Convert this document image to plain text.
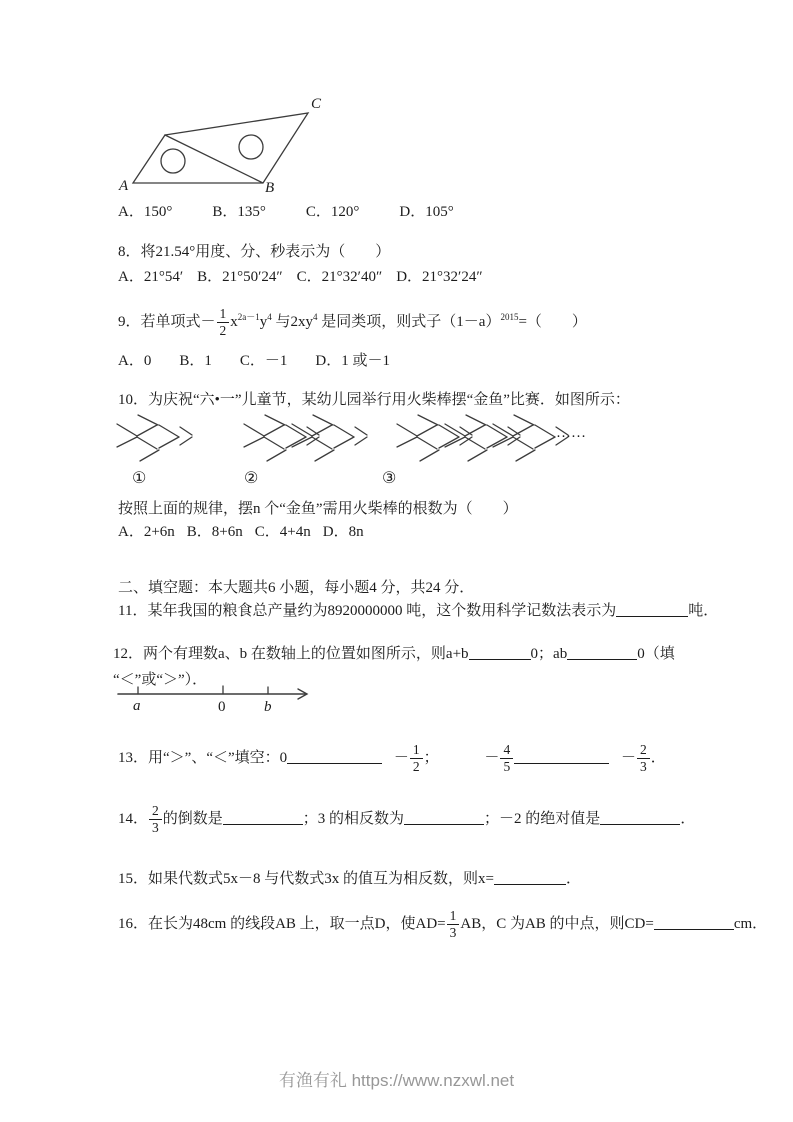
A	B
C
A．150°	B．135°	C．120°	D．105°
8．将21.54°用度、分、秒表示为（　　）
A．21°54′ B．21°50′24″ C．21°32′40″ D．21°32′24″
9．若单项式－ $\frac{1}{2} x^{2a-1}y^4$ 与$2xy^4$ 是同类项，则式子$(1-a)^{2015}=$（　　）
A．0 B．1 C．－1 D．1 或－1
10．为庆祝“六•一”儿童节，某幼儿园举行用火柴棒摆“金鱼”比赛．如图所示：
①	②	③
……
按照上面的规律，摆n 个“金鱼”需用火柴棒的根数为（　　）
A．2+6n B．8+6n C．4+4n D．8n
二、填空题：本大题共6 小题，每小题4 分，共24 分．
11．某年我国的粮食总产量约为8920000000 吨，这个数用科学记数法表示为	吨．
12．两个有理数a、b 在数轴上的位置如图所示，则a+b	0；ab	0（填
“＜”或“＞”）．
a	0	b
13．用“＞”、“＜”填空：0	－ $\frac{1}{2}$ ；	－ $\frac{4}{5}$	－ $\frac{2}{3}$ ．
14． $\frac{2}{3}$ 的倒数是	；3 的相反数为	；－2 的绝对值是	．
15．如果代数式5x－8 与代数式3x 的值互为相反数，则x=	．
16．在长为48cm 的线段AB 上，取一点D，使$AD= \frac{1}{3}$ AB，C 为AB 的中点，则CD=	cm．
有渔有礼 https://www.nzxwl.net
